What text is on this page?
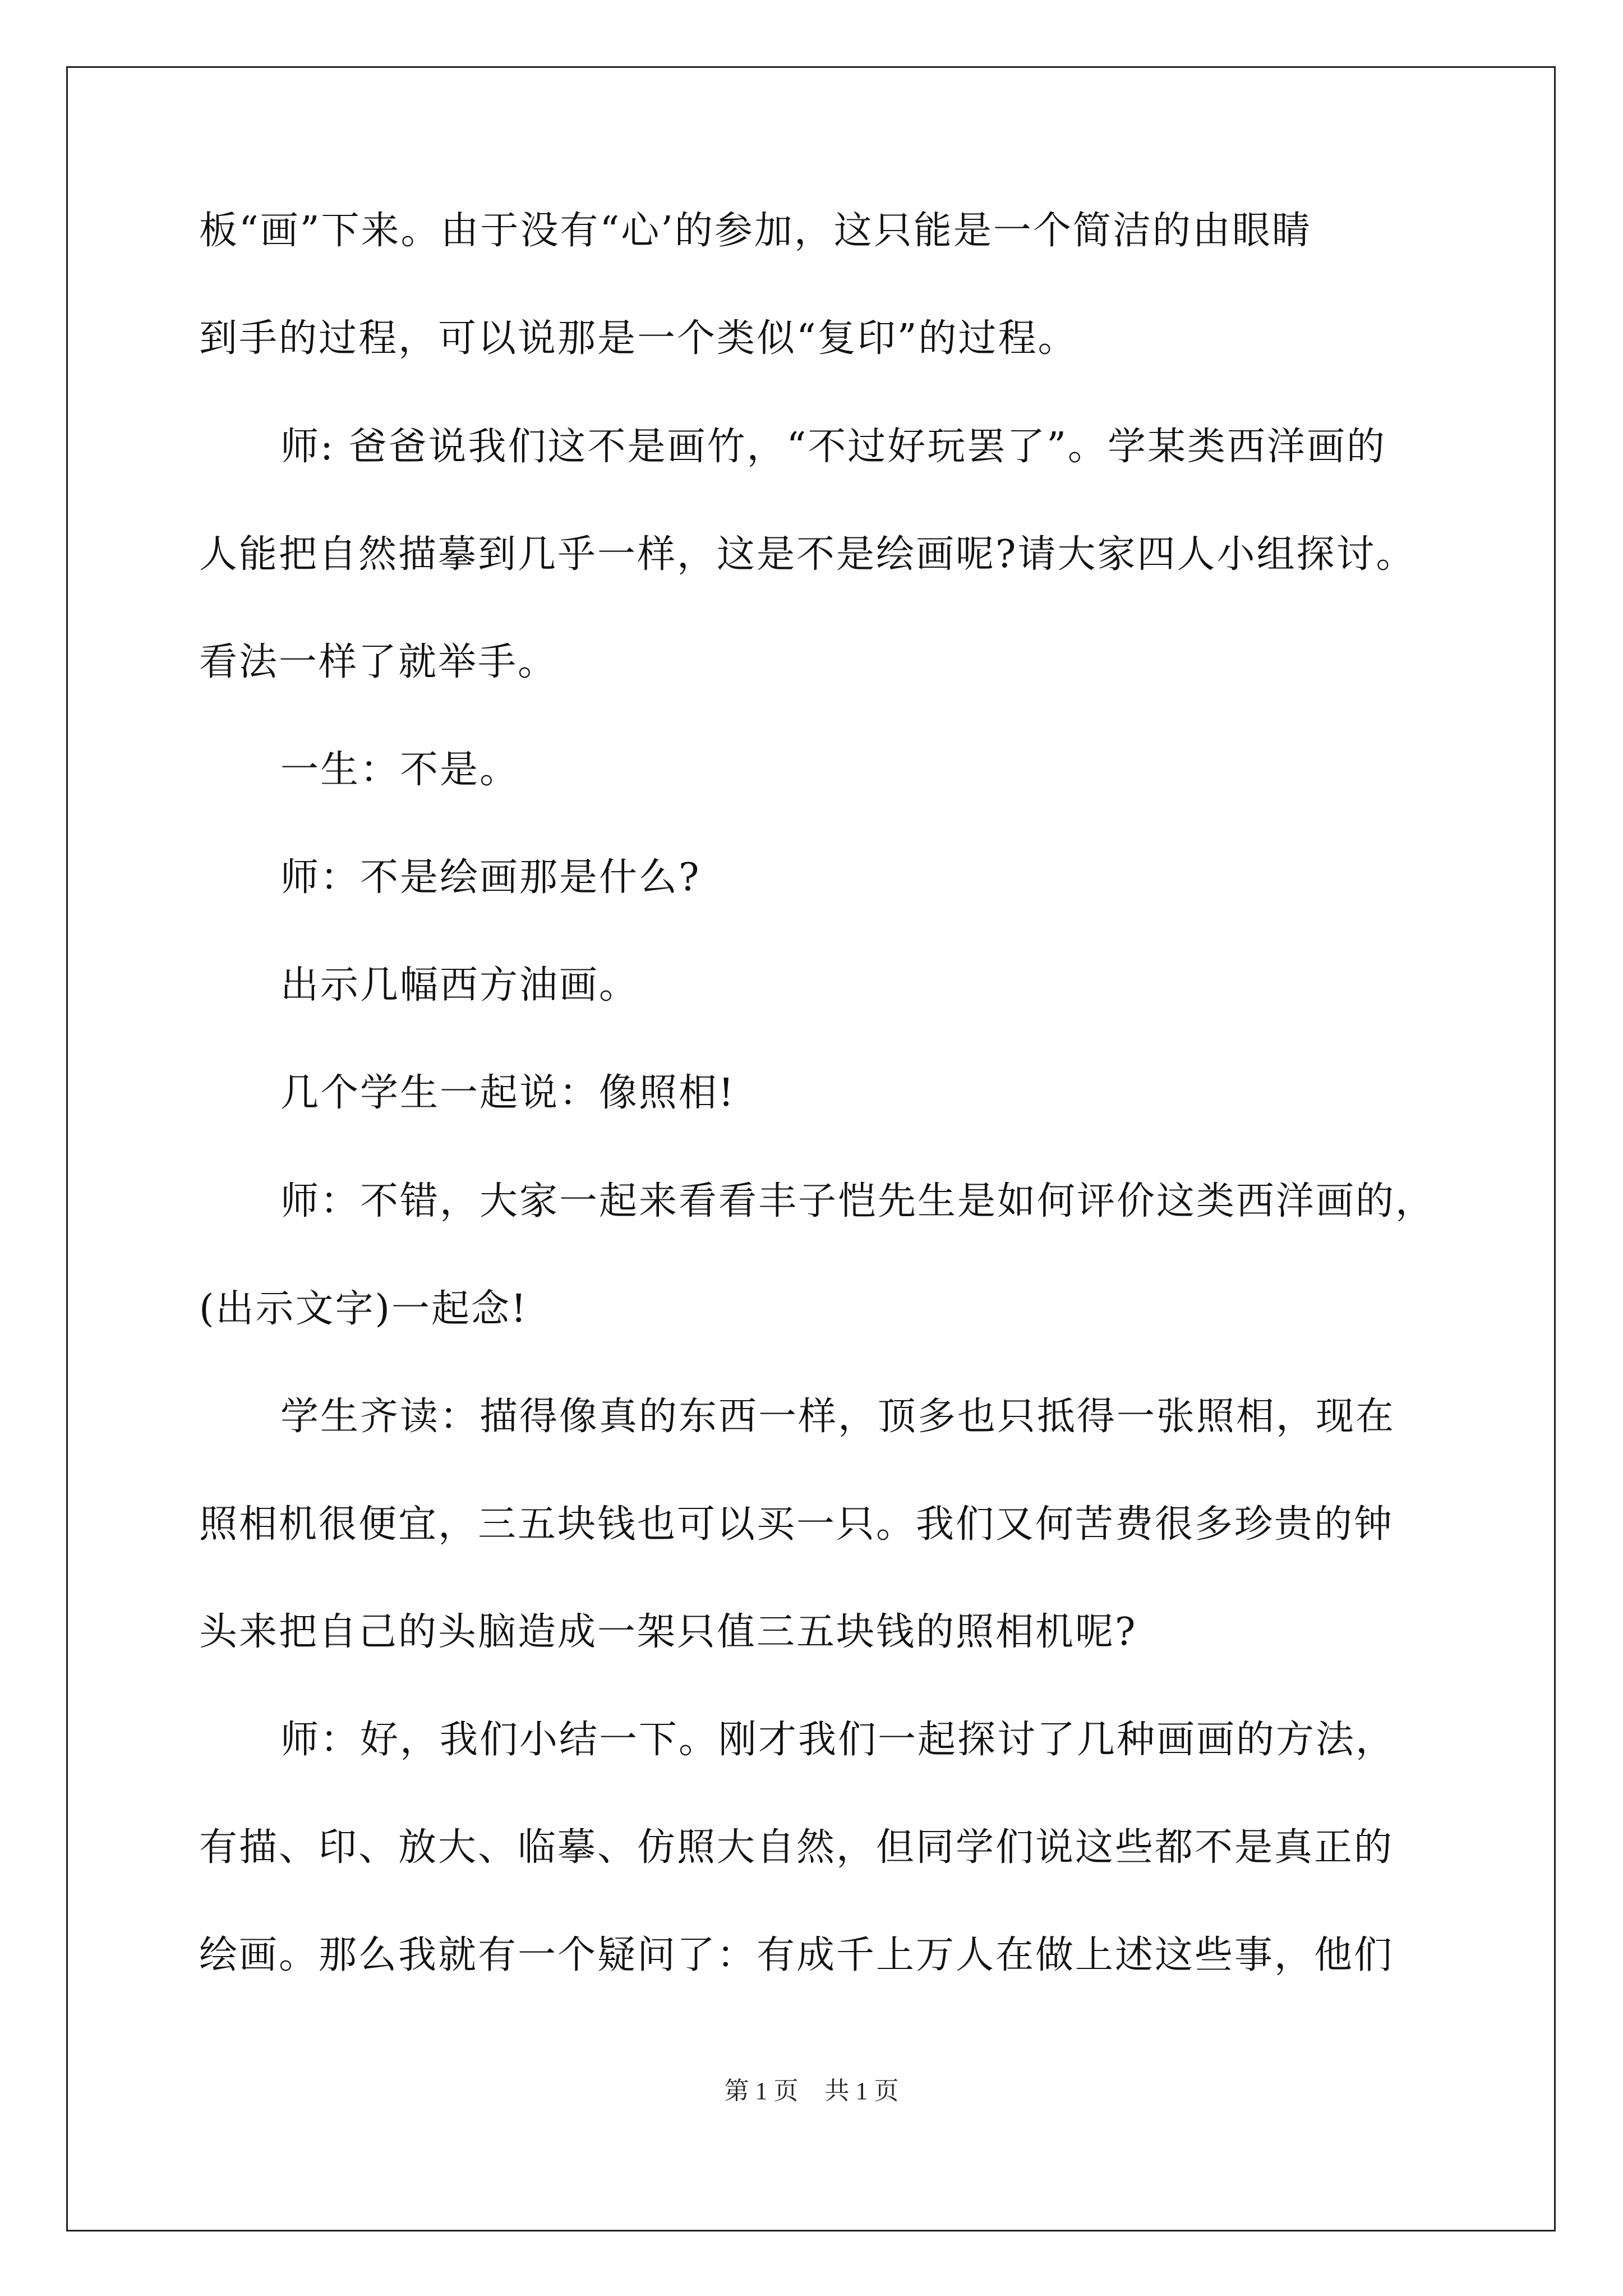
板“画”下来。由于没有“心’的参加，这只能是一个简洁的由眼睛
到手的过程，可以说那是一个类似“复印”的过程。
师: 爸爸说我们这不是画竹，“不过好玩罢了”。学某类西洋画的
人能把自然描摹到几乎一样，这是不是绘画呢?请大家四人小组探讨。
看法一样了就举手。
一生：不是。
师：不是绘画那是什么?
出示几幅西方油画。
几个学生一起说：像照相!
师：不错，大家一起来看看丰子恺先生是如何评价这类西洋画的，
(出示文字)一起念!
学生齐读：描得像真的东西一样，顶多也只抵得一张照相，现在
照相机很便宜，三五块钱也可以买一只。我们又何苦费很多珍贵的钟
头来把自己的头脑造成一架只值三五块钱的照相机呢?
师：好，我们小结一下。刚才我们一起探讨了几种画画的方法，
有描、印、放大、临摹、仿照大自然，但同学们说这些都不是真正的
绘画。那么我就有一个疑问了：有成千上万人在做上述这些事，他们
第 1 页 共 1 页
